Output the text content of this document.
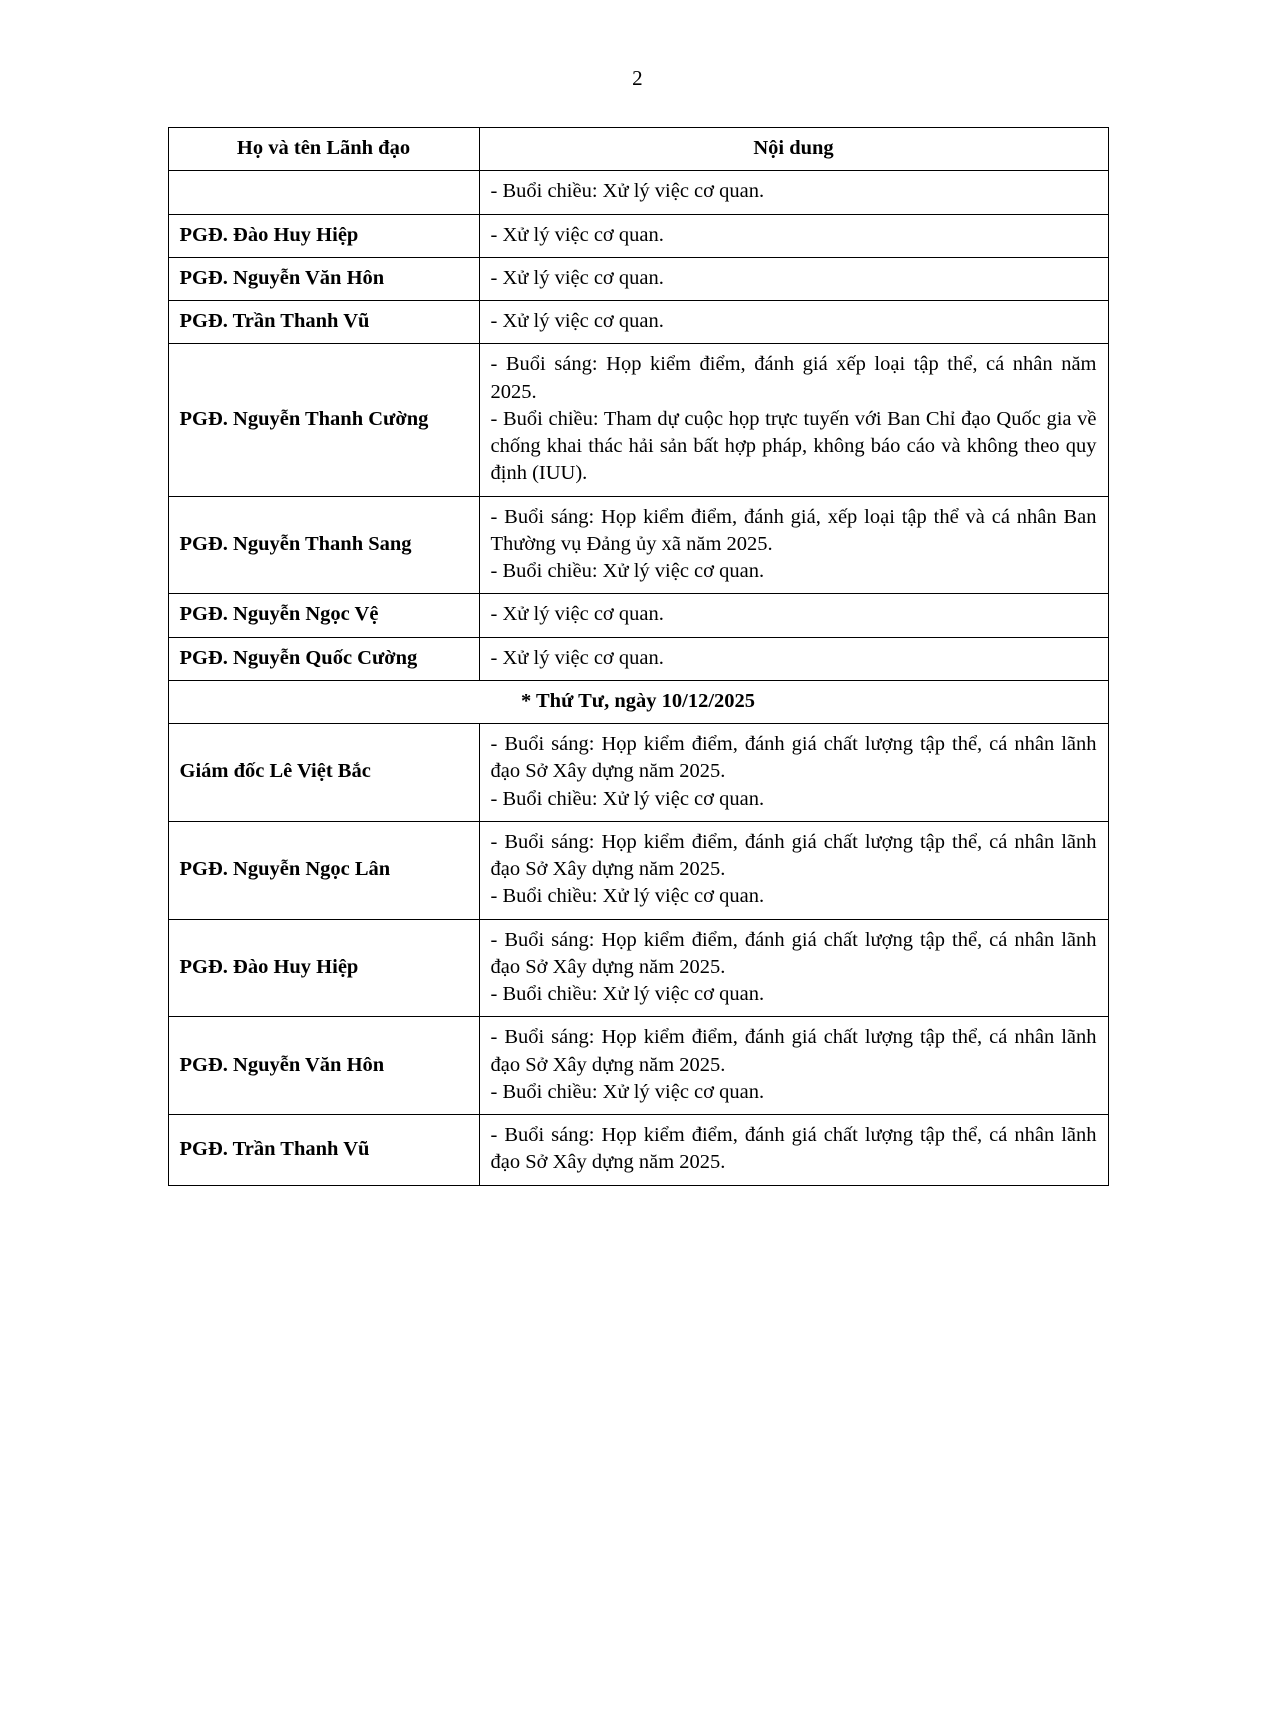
2
Họ và tên Lãnh đạo	Nội dung

	- Buổi chiều: Xử lý việc cơ quan.

PGĐ. Đào Huy Hiệp	- Xử lý việc cơ quan.

PGĐ. Nguyễn Văn Hôn	- Xử lý việc cơ quan.

PGĐ. Trần Thanh Vũ	- Xử lý việc cơ quan.

PGĐ. Nguyễn Thanh Cường	- Buổi sáng: Họp kiểm điểm, đánh giá xếp loại tập thể, cá nhân năm 2025.
- Buổi chiều: Tham dự cuộc họp trực tuyến với Ban Chỉ đạo Quốc gia về chống khai thác hải sản bất hợp pháp, không báo cáo và không theo quy định (IUU).

PGĐ. Nguyễn Thanh Sang	- Buổi sáng: Họp kiểm điểm, đánh giá, xếp loại tập thể và cá nhân Ban Thường vụ Đảng ủy xã năm 2025.
- Buổi chiều: Xử lý việc cơ quan.

PGĐ. Nguyễn Ngọc Vệ	- Xử lý việc cơ quan.

PGĐ. Nguyễn Quốc Cường	- Xử lý việc cơ quan.

* Thứ Tư, ngày 10/12/2025	
Giám đốc Lê Việt Bắc	- Buổi sáng: Họp kiểm điểm, đánh giá chất lượng tập thể, cá nhân lãnh đạo Sở Xây dựng năm 2025.
- Buổi chiều: Xử lý việc cơ quan.

PGĐ. Nguyễn Ngọc Lân	- Buổi sáng: Họp kiểm điểm, đánh giá chất lượng tập thể, cá nhân lãnh đạo Sở Xây dựng năm 2025.
- Buổi chiều: Xử lý việc cơ quan.

PGĐ. Đào Huy Hiệp	- Buổi sáng: Họp kiểm điểm, đánh giá chất lượng tập thể, cá nhân lãnh đạo Sở Xây dựng năm 2025.
- Buổi chiều: Xử lý việc cơ quan.

PGĐ. Nguyễn Văn Hôn	- Buổi sáng: Họp kiểm điểm, đánh giá chất lượng tập thể, cá nhân lãnh đạo Sở Xây dựng năm 2025.
- Buổi chiều: Xử lý việc cơ quan.

PGĐ. Trần Thanh Vũ	- Buổi sáng: Họp kiểm điểm, đánh giá chất lượng tập thể, cá nhân lãnh đạo Sở Xây dựng năm 2025.
